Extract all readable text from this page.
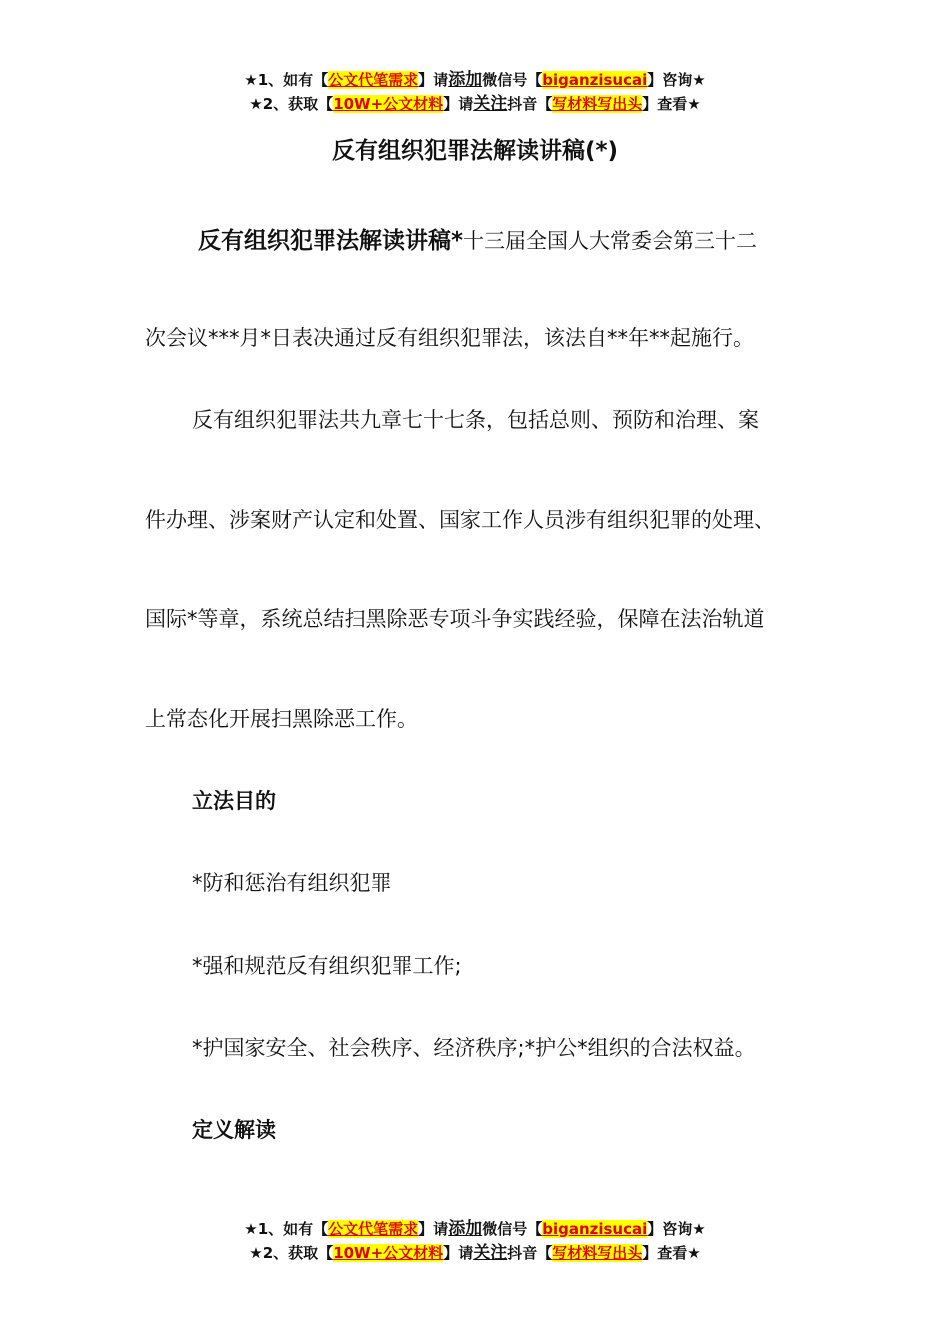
★1、如有【公文代笔需求】请添加微信号【biganzisucai】咨询★
★2、获取【10W+公文材料】请关注抖音【写材料写出头】查看★
反有组织犯罪法解读讲稿(*)
反有组织犯罪法解读讲稿*十三届全国人大常委会第三十二
次会议***月*日表决通过反有组织犯罪法，该法自**年**起施行。
反有组织犯罪法共九章七十七条，包括总则、预防和治理、案
件办理、涉案财产认定和处置、国家工作人员涉有组织犯罪的处理、
国际*等章，系统总结扫黑除恶专项斗争实践经验，保障在法治轨道
上常态化开展扫黑除恶工作。
立法目的
*防和惩治有组织犯罪
*强和规范反有组织犯罪工作;
*护国家安全、社会秩序、经济秩序;*护公*组织的合法权益。
定义解读
★1、如有【公文代笔需求】请添加微信号【biganzisucai】咨询★
★2、获取【10W+公文材料】请关注抖音【写材料写出头】查看★
